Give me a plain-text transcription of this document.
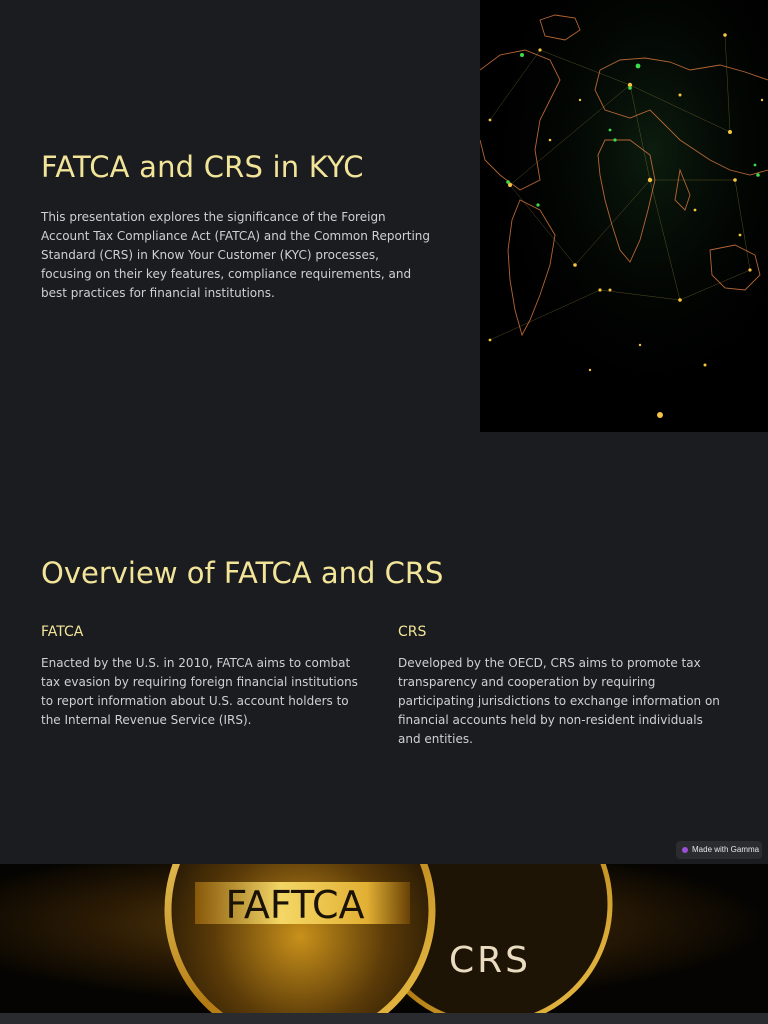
FATCA and CRS in KYC

This presentation explores the significance of the Foreign Account Tax Compliance Act (FATCA) and the Common Reporting Standard (CRS) in Know Your Customer (KYC) processes, focusing on their key features, compliance requirements, and best practices for financial institutions.

Overview of FATCA and CRS
FATCA

Enacted by the U.S. in 2010, FATCA aims to combat tax evasion by requiring foreign financial institutions to report information about U.S. account holders to the Internal Revenue Service (IRS).

CRS

Developed by the OECD, CRS aims to promote tax transparency and cooperation by requiring participating jurisdictions to exchange information on financial accounts held by non-resident individuals and entities.

Made with Gamma
FAFTCA
CRS
